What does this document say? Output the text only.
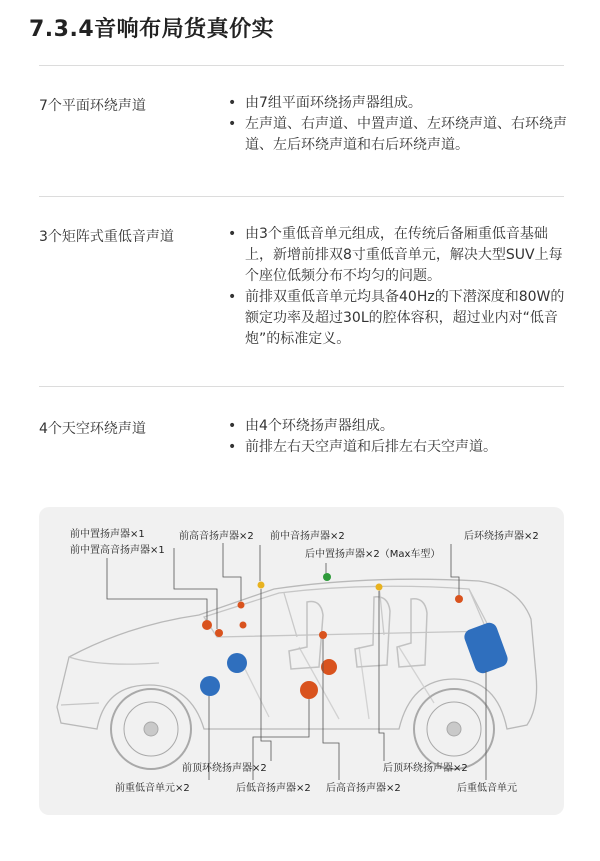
7.3.4音响布局货真价实
7个平面环绕声道	• 由7组平面环绕扬声器组成。
• 左声道、右声道、中置声道、左环绕声道、右环绕声道、左后环绕声道和右后环绕声道。
3个矩阵式重低音声道	• 由3个重低音单元组成，在传统后备厢重低音基础上，新增前排双8寸重低音单元，解决大型SUV上每个座位低频分布不均匀的问题。
• 前排双重低音单元均具备40Hz的下潜深度和80W的额定功率及超过30L的腔体容积，超过业内对“低音炮”的标准定义。
4个天空环绕声道	• 由4个环绕扬声器组成。
• 前排左右天空声道和后排左右天空声道。
前中置扬声器×1
前中置高音扬声器×1
前高音扬声器×2 前中音扬声器×2
后中置扬声器×2（Max车型）
后环绕扬声器×2
前顶环绕扬声器×2	后顶环绕扬声器×2
前重低音单元×2	后低音扬声器×2 后高音扬声器×2	后重低音单元
